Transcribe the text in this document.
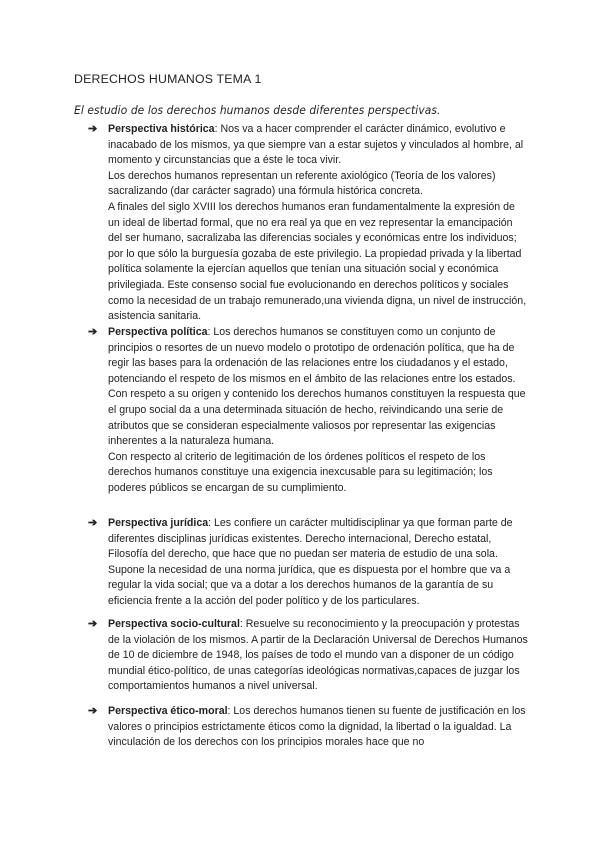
DERECHOS HUMANOS TEMA 1
El estudio de los derechos humanos desde diferentes perspectivas.
➔ Perspectiva histórica: Nos va a hacer comprender el carácter dinámico, evolutivo e inacabado de los mismos, ya que siempre van a estar sujetos y vinculados al hombre, al momento y circunstancias que a éste le toca vivir.

Los derechos humanos representan un referente axiológico (Teoría de los valores) sacralizando (dar carácter sagrado) una fórmula histórica concreta.

A finales del siglo XVIII los derechos humanos eran fundamentalmente la expresión de un ideal de libertad formal, que no era real ya que en vez representar la emancipación del ser humano, sacralizaba las diferencias sociales y económicas entre los individuos; por lo que sólo la burguesía gozaba de este privilegio. La propiedad privada y la libertad política solamente la ejercían aquellos que tenían una situación social y económica privilegiada. Este consenso social fue evolucionando en derechos políticos y sociales como la necesidad de un trabajo remunerado,una vivienda digna, un nivel de instrucción, asistencia sanitaria.

➔ Perspectiva política: Los derechos humanos se constituyen como un conjunto de principios o resortes de un nuevo modelo o prototipo de ordenación política, que ha de regir las bases para la ordenación de las relaciones entre los ciudadanos y el estado, potenciando el respeto de los mismos en el ámbito de las relaciones entre los estados.

Con respeto a su origen y contenido los derechos humanos constituyen la respuesta que el grupo social da a una determinada situación de hecho, reivindicando una serie de atributos que se consideran especialmente valiosos por representar las exigencias inherentes a la naturaleza humana.

Con respecto al criterio de legitimación de los órdenes políticos el respeto de los derechos humanos constituye una exigencia inexcusable para su legitimación; los poderes públicos se encargan de su cumplimiento.

➔ Perspectiva jurídica: Les confiere un carácter multidisciplinar ya que forman parte de diferentes disciplinas jurídicas existentes. Derecho internacional, Derecho estatal, Filosofía del derecho, que hace que no puedan ser materia de estudio de una sola. Supone la necesidad de una norma jurídica, que es dispuesta por el hombre que va a regular la vida social; que va a dotar a los derechos humanos de la garantía de su eficiencia frente a la acción del poder político y de los particulares.

➔ Perspectiva socio-cultural: Resuelve su reconocimiento y la preocupación y protestas de la violación de los mismos. A partir de la Declaración Universal de Derechos Humanos de 10 de diciembre de 1948, los países de todo el mundo van a disponer de un código mundial ético-político, de unas categorías ideológicas normativas,capaces de juzgar los comportamientos humanos a nivel universal.

➔ Perspectiva ético-moral: Los derechos humanos tienen su fuente de justificación en los valores o principios estrictamente éticos como la dignidad, la libertad o la igualdad. La vinculación de los derechos con los principios morales hace que no
